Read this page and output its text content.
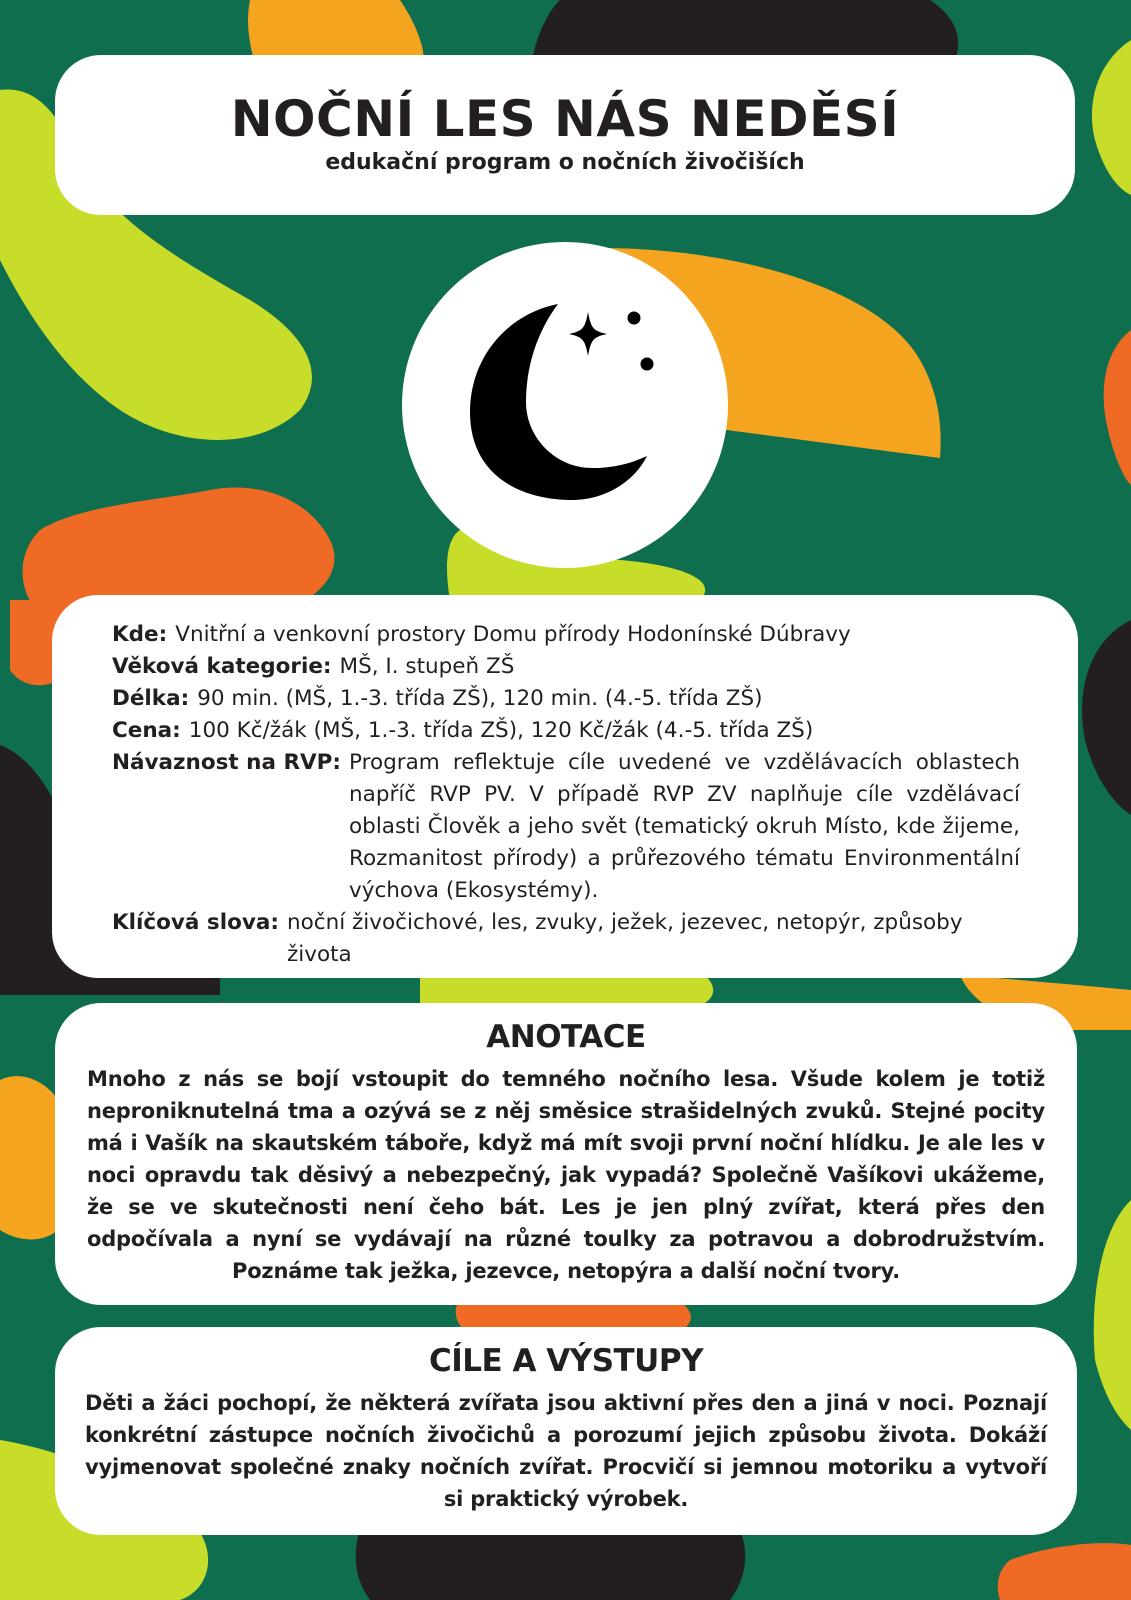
NOČNÍ LES NÁS NEDĚSÍ

edukační program o nočních živočiších

Kde: Vnitřní a venkovní prostory Domu přírody Hodonínské Dúbravy
Věková kategorie: MŠ, I. stupeň ZŠ
Délka: 90 min. (MŠ, 1.-3. třída ZŠ), 120 min. (4.-5. třída ZŠ)
Cena: 100 Kč/žák (MŠ, 1.-3. třída ZŠ), 120 Kč/žák (4.-5. třída ZŠ)
Návaznost na RVP: Program reflektuje cíle uvedené ve vzdělávacích oblastech napříč RVP PV. V případě RVP ZV naplňuje cíle vzdělávací oblasti Člověk a jeho svět (tematický okruh Místo, kde žijeme, Rozmanitost přírody) a průřezového tématu Environmentální výchova (Ekosystémy).
Klíčová slova: noční živočichové, les, zvuky, ježek, jezevec, netopýr, způsoby života
ANOTACE

Mnoho z nás se bojí vstoupit do temného nočního lesa. Všude kolem je totiž neproniknutelná tma a ozývá se z něj směsice strašidelných zvuků. Stejné pocity má i Vašík na skautském táboře, když má mít svoji první noční hlídku. Je ale les v noci opravdu tak děsivý a nebezpečný, jak vypadá? Společně Vašíkovi ukážeme, že se ve skutečnosti není čeho bát. Les je jen plný zvířat, která přes den odpočívala a nyní se vydávají na různé toulky za potravou a dobrodružstvím. Poznáme tak ježka, jezevce, netopýra a další noční tvory.

CÍLE A VÝSTUPY

Děti a žáci pochopí, že některá zvířata jsou aktivní přes den a jiná v noci. Poznají konkrétní zástupce nočních živočichů a porozumí jejich způsobu života. Dokáží vyjmenovat společné znaky nočních zvířat. Procvičí si jemnou motoriku a vytvoří si praktický výrobek.
